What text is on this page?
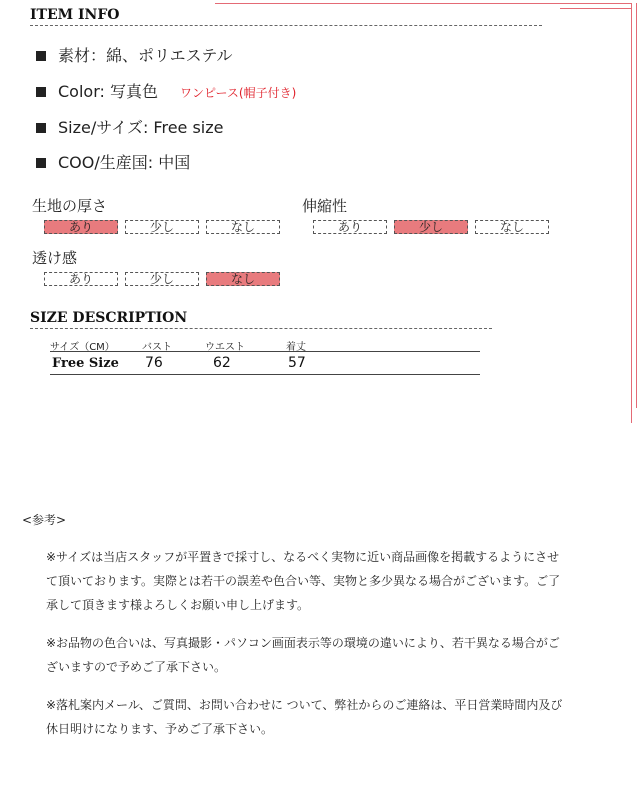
ITEM INFO
素材：綿、ポリエステル
Color: 写真色 ワンピース(帽子付き)
Size/サイズ: Free size
COO/生産国: 中国
生地の厚さ
あり	少し	なし
伸縮性
あり	少し	なし
透け感
あり	少し	なし
SIZE DESCRIPTION
サイズ（CM）	バスト	ウエスト	着丈
Free Size 76	62	57
<参考>
※サイズは当店スタッフが平置きで採寸し、なるべく実物に近い商品画像を掲載するようにさせて頂いております。実際とは若干の誤差や色合い等、実物と多少異なる場合がございます。ご了承して頂きます様よろしくお願い申し上げます。
※お品物の色合いは、写真撮影・パソコン画面表示等の環境の違いにより、若干異なる場合がございますので予めご了承下さい。
※落札案内メール、ご質問、お問い合わせに ついて、弊社からのご連絡は、平日営業時間内及び休日明けになります、予めご了承下さい。
